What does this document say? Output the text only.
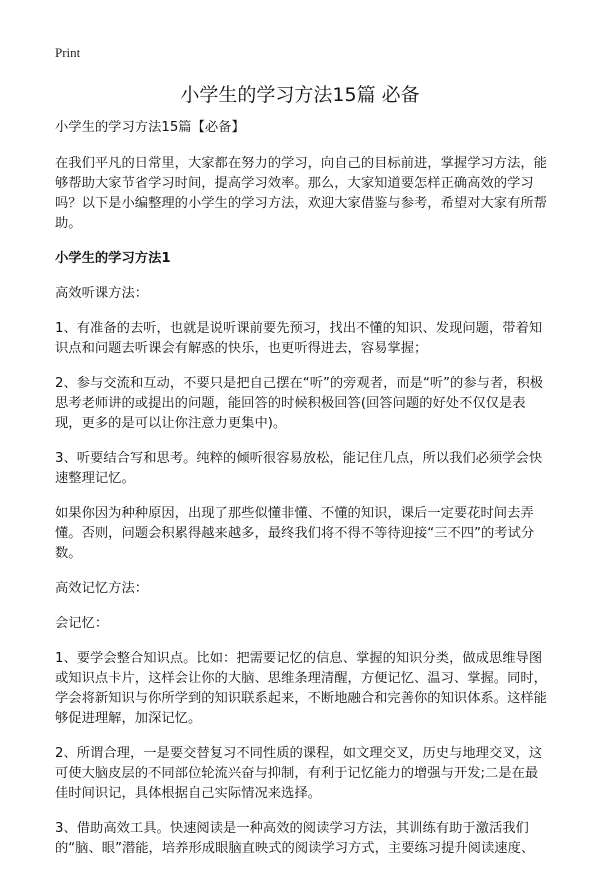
Print
小学生的学习方法15篇 必备

小学生的学习方法15篇【必备】

在我们平凡的日常里，大家都在努力的学习，向自己的目标前进，掌握学习方法，能够帮助大家节省学习时间，提高学习效率。那么，大家知道要怎样正确高效的学习吗？以下是小编整理的小学生的学习方法，欢迎大家借鉴与参考，希望对大家有所帮助。

小学生的学习方法1

高效听课方法：

1、有准备的去听，也就是说听课前要先预习，找出不懂的知识、发现问题，带着知识点和问题去听课会有解惑的快乐，也更听得进去，容易掌握；

2、参与交流和互动，不要只是把自己摆在“听”的旁观者，而是“听”的参与者，积极思考老师讲的或提出的问题，能回答的时候积极回答(回答问题的好处不仅仅是表现，更多的是可以让你注意力更集中)。

3、听要结合写和思考。纯粹的倾听很容易放松，能记住几点，所以我们必须学会快速整理记忆。

如果你因为种种原因，出现了那些似懂非懂、不懂的知识，课后一定要花时间去弄懂。否则，问题会积累得越来越多，最终我们将不得不等待迎接“三不四”的考试分数。

高效记忆方法：

会记忆：

1、要学会整合知识点。比如：把需要记忆的信息、掌握的知识分类，做成思维导图或知识点卡片，这样会让你的大脑、思维条理清醒，方便记忆、温习、掌握。同时，学会将新知识与你所学到的知识联系起来，不断地融合和完善你的知识体系。这样能够促进理解，加深记忆。

2、所谓合理，一是要交替复习不同性质的课程，如文理交叉，历史与地理交叉，这可使大脑皮层的不同部位轮流兴奋与抑制，有利于记忆能力的增强与开发;二是在最佳时间识记，具体根据自己实际情况来选择。

3、借助高效工具。快速阅读是一种高效的阅读学习方法，其训练有助于激活我们的“脑、眼”潜能，培养形成眼脑直映式的阅读学习方式，主要练习提升阅读速度、
